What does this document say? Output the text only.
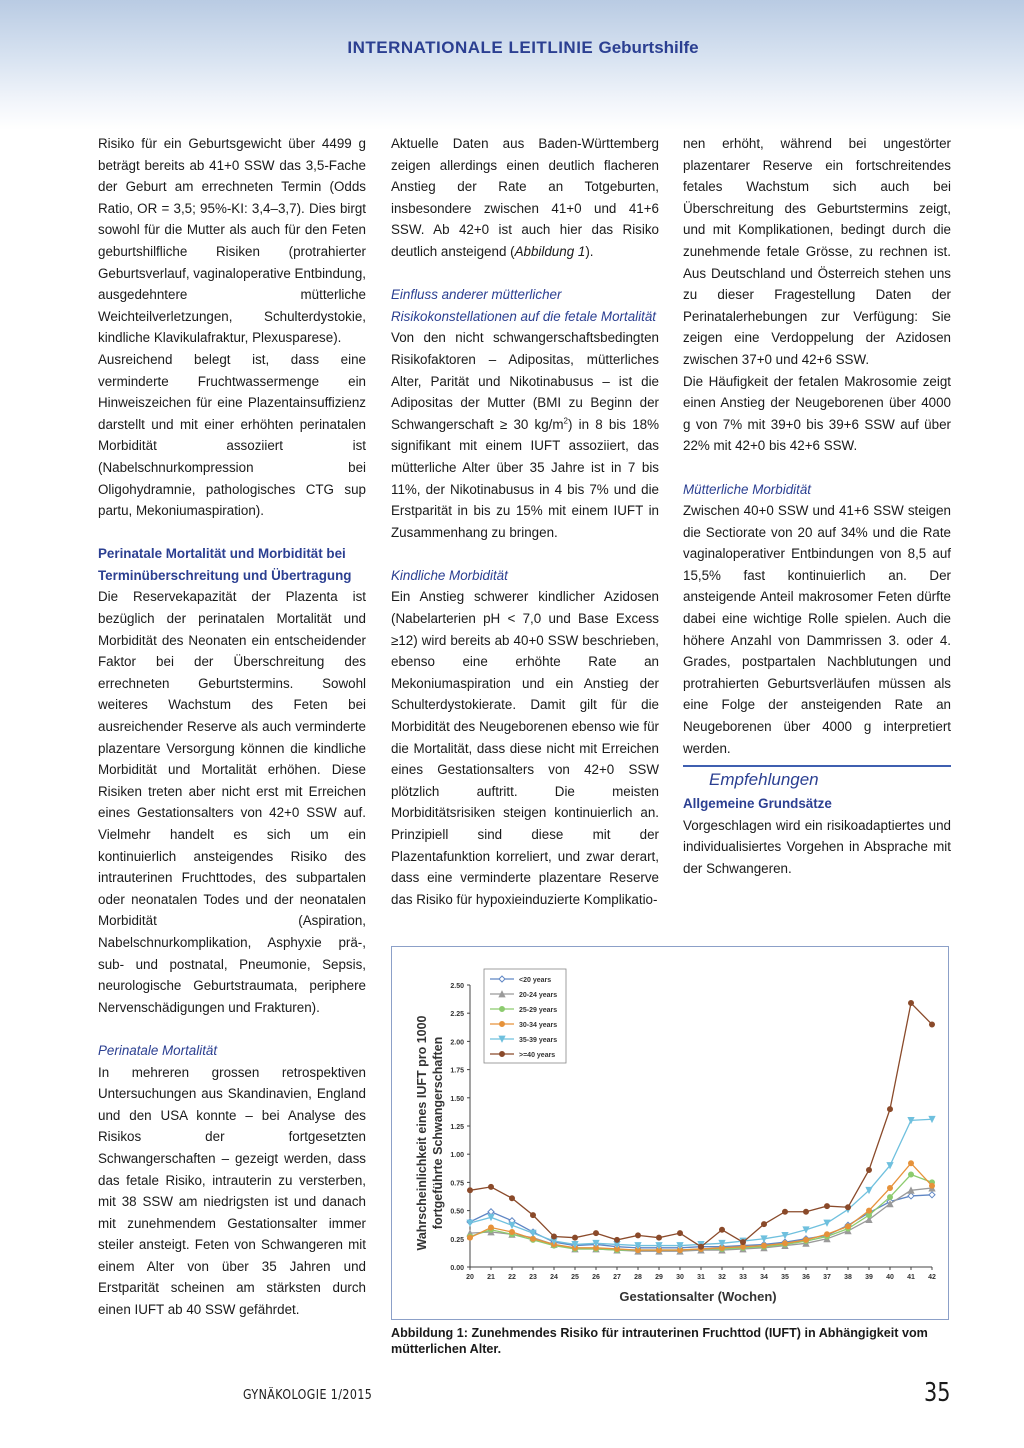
INTERNATIONALE LEITLINIE Geburtshilfe

Risiko für ein Geburtsgewicht über 4499 g beträgt bereits ab 41+0 SSW das 3,5-Fache der Geburt am errechneten Termin (Odds Ratio, OR = 3,5; 95%-KI: 3,4–3,7). Dies birgt sowohl für die Mutter als auch für den Feten geburtshilfliche Risiken (protrahierter Geburtsverlauf, vaginaloperative Entbindung, ausgedehntere mütterliche Weichteilverletzungen, Schulterdystokie, kindliche Klavikulafraktur, Plexusparese).

Ausreichend belegt ist, dass eine verminderte Fruchtwassermenge ein Hinweiszeichen für eine Plazentainsuffizienz darstellt und mit einer erhöhten perinatalen Morbidität assoziiert ist (Nabelschnurkompression bei Oligohydramnie, pathologisches CTG sup partu, Mekoniumaspiration).

Perinatale Mortalität und Morbidität bei Terminüberschreitung und Übertragung

Die Reservekapazität der Plazenta ist bezüglich der perinatalen Mortalität und Morbidität des Neonaten ein entscheidender Faktor bei der Überschreitung des errechneten Geburtstermins. Sowohl weiteres Wachstum des Feten bei ausreichender Reserve als auch verminderte plazentare Versorgung können die kindliche Morbidität und Mortalität erhöhen. Diese Risiken treten aber nicht erst mit Erreichen eines Gestationsalters von 42+0 SSW auf. Vielmehr handelt es sich um ein kontinuierlich ansteigendes Risiko des intrauterinen Fruchttodes, des subpartalen oder neonatalen Todes und der neonatalen Morbidität (Aspiration, Nabelschnurkomplikation, Asphyxie prä-, sub- und postnatal, Pneumonie, Sepsis, neurologische Geburtstraumata, periphere Nervenschädigungen und Frakturen).

Perinatale Mortalität

In mehreren grossen retrospektiven Untersuchungen aus Skandinavien, England und den USA konnte – bei Analyse des Risikos der fortgesetzten Schwangerschaften – gezeigt werden, dass das fetale Risiko, intrauterin zu versterben, mit 38 SSW am niedrigsten ist und danach mit zunehmendem Gestationsalter immer steiler ansteigt. Feten von Schwangeren mit einem Alter von über 35 Jahren und Erstparität scheinen am stärksten durch einen IUFT ab 40 SSW gefährdet.

Aktuelle Daten aus Baden-Württemberg zeigen allerdings einen deutlich flacheren Anstieg der Rate an Totgeburten, insbesondere zwischen 41+0 und 41+6 SSW. Ab 42+0 ist auch hier das Risiko deutlich ansteigend (Abbildung 1).

Einfluss anderer mütterlicher Risikokonstellationen auf die fetale Mortalität

Von den nicht schwangerschaftsbedingten Risikofaktoren – Adipositas, mütterliches Alter, Parität und Nikotinabusus – ist die Adipositas der Mutter (BMI zu Beginn der Schwangerschaft ≥ 30 $kg/m^2$) in 8 bis 18% signifikant mit einem IUFT assoziiert, das mütterliche Alter über 35 Jahre ist in 7 bis 11%, der Nikotinabusus in 4 bis 7% und die Erstparität in bis zu 15% mit einem IUFT in Zusammenhang zu bringen.

Kindliche Morbidität

Ein Anstieg schwerer kindlicher Azidosen (Nabelarterien pH < 7,0 und Base Excess ≥12) wird bereits ab 40+0 SSW beschrieben, ebenso eine erhöhte Rate an Mekoniumaspiration und ein Anstieg der Schulterdystokierate. Damit gilt für die Morbidität des Neugeborenen ebenso wie für die Mortalität, dass diese nicht mit Erreichen eines Gestationsalters von 42+0 SSW plötzlich auftritt. Die meisten Morbiditätsrisiken steigen kontinuierlich an. Prinzipiell sind diese mit der Plazentafunktion korreliert, und zwar derart, dass eine verminderte plazentare Reserve das Risiko für hypoxieinduzierte Komplikatio-

nen erhöht, während bei ungestörter plazentarer Reserve ein fortschreitendes fetales Wachstum sich auch bei Überschreitung des Geburtstermins zeigt, und mit Komplikationen, bedingt durch die zunehmende fetale Grösse, zu rechnen ist. Aus Deutschland und Österreich stehen uns zu dieser Fragestellung Daten der Perinatalerhebungen zur Verfügung: Sie zeigen eine Verdoppelung der Azidosen zwischen 37+0 und 42+6 SSW.

Die Häufigkeit der fetalen Makrosomie zeigt einen Anstieg der Neugeborenen über 4000 g von 7% mit 39+0 bis 39+6 SSW auf über 22% mit 42+0 bis 42+6 SSW.

Mütterliche Morbidität

Zwischen 40+0 SSW und 41+6 SSW steigen die Sectiorate von 20 auf 34% und die Rate vaginaloperativer Entbindungen von 8,5 auf 15,5% fast kontinuierlich an. Der ansteigende Anteil makrosomer Feten dürfte dabei eine wichtige Rolle spielen. Auch die höhere Anzahl von Dammrissen 3. oder 4. Grades, postpartalen Nachblutungen und protrahierten Geburtsverläufen müssen als eine Folge der ansteigenden Rate an Neugeborenen über 4000 g interpretiert werden.

Empfehlungen

Allgemeine Grundsätze

Vorgeschlagen wird ein risikoadaptiertes und individualisiertes Vorgehen in Absprache mit der Schwangeren.

0.00
0.25
0.50
0.75
1.00
1.25
1.50
1.75
2.00
2.25
2.50
20 21 22 23 24 25 26 27 28 29 30 31 32 33 34 35 36 37 38 39 40 41 42
<20 years
20-24 years
25-29 years
30-34 years
35-39 years
>=40 years
Wahrscheinlichkeit eines IUFT pro 1000 fortgeführte Schwangerschaften
Gestationsalter (Wochen)
Abbildung 1: Zunehmendes Risiko für intrauterinen Fruchttod (IUFT) in Abhängigkeit vom mütterlichen Alter.
GYNÄKOLOGIE 1/2015	35
